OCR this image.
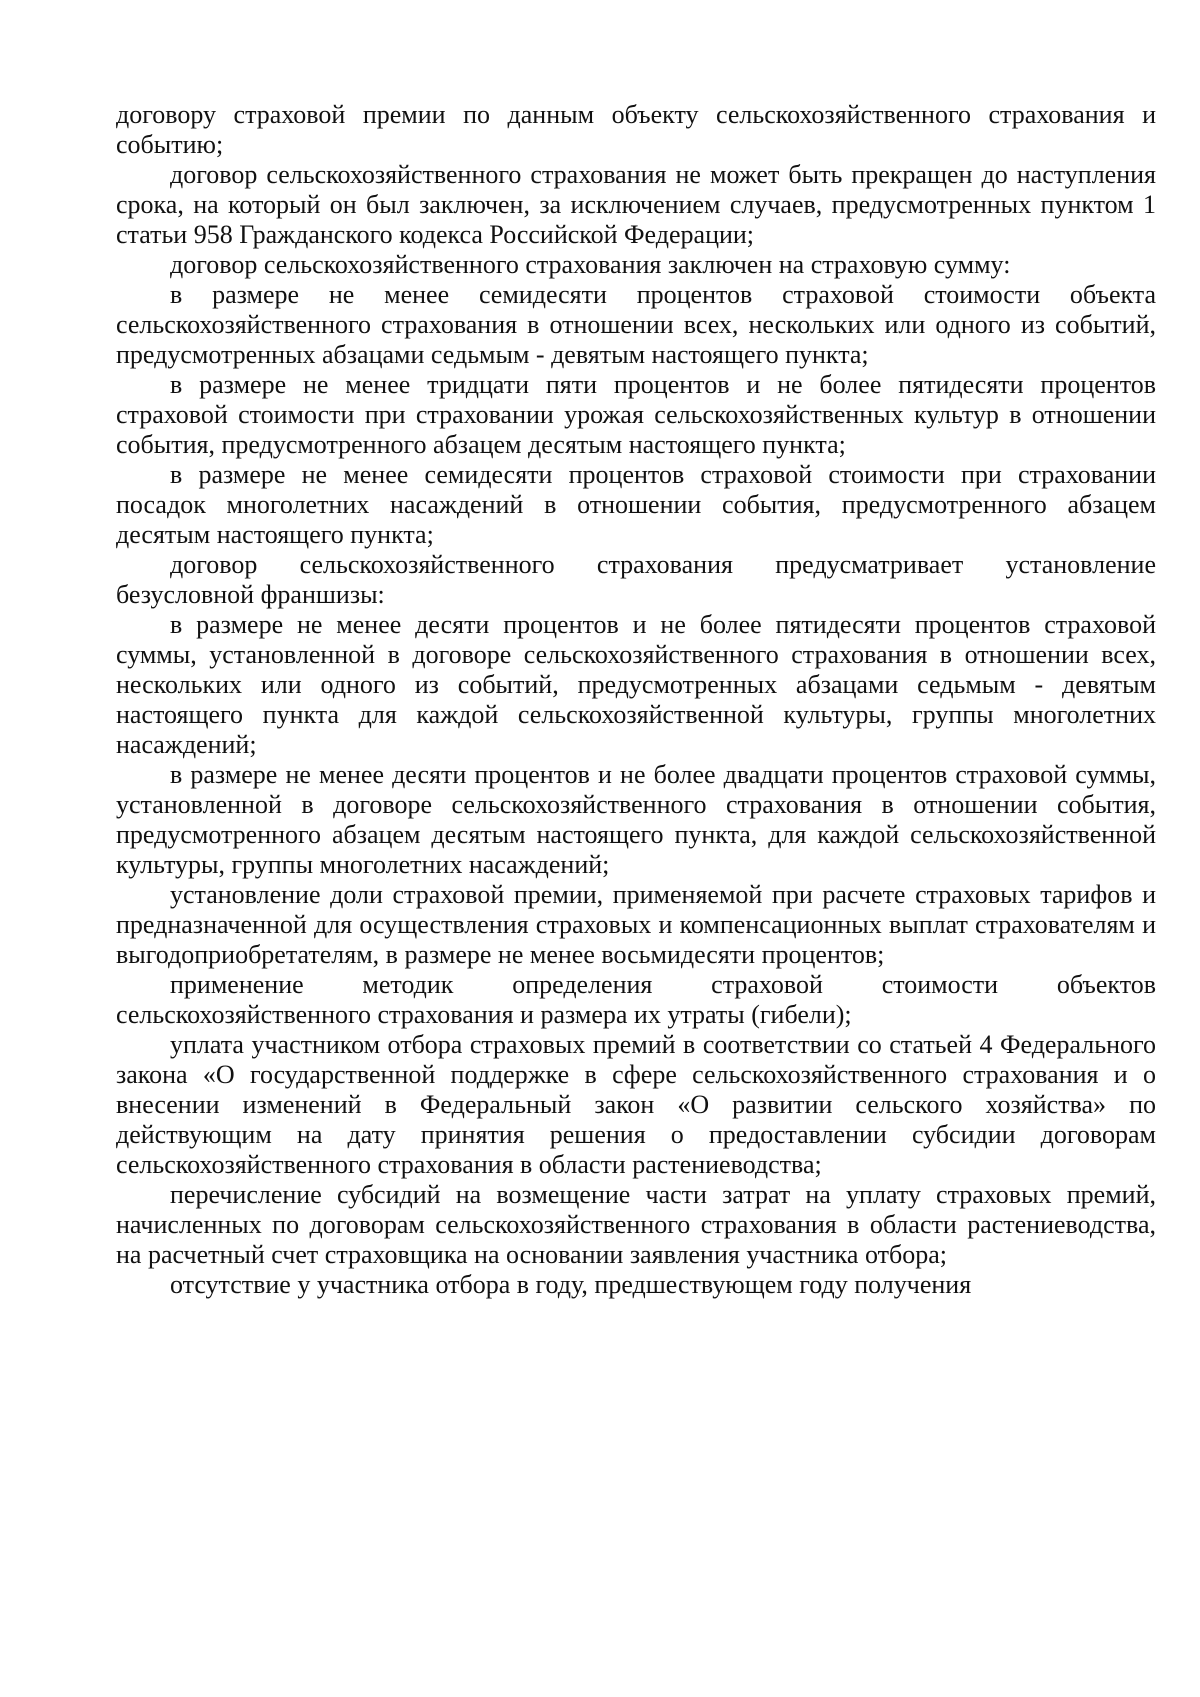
договору страховой премии по данным объекту сельскохозяйственного страхования и событию;

договор сельскохозяйственного страхования не может быть прекращен до наступления срока, на который он был заключен, за исключением случаев, предусмотренных пунктом 1 статьи 958 Гражданского кодекса Российской Федерации;

договор сельскохозяйственного страхования заключен на страховую сумму:

в размере не менее семидесяти процентов страховой стоимости объекта сельскохозяйственного страхования в отношении всех, нескольких или одного из событий, предусмотренных абзацами седьмым - девятым настоящего пункта;

в размере не менее тридцати пяти процентов и не более пятидесяти процентов страховой стоимости при страховании урожая сельскохозяйственных культур в отношении события, предусмотренного абзацем десятым настоящего пункта;

в размере не менее семидесяти процентов страховой стоимости при страховании посадок многолетних насаждений в отношении события, предусмотренного абзацем десятым настоящего пункта;

договор сельскохозяйственного страхования предусматривает установление безусловной франшизы:

в размере не менее десяти процентов и не более пятидесяти процентов страховой суммы, установленной в договоре сельскохозяйственного страхования в отношении всех, нескольких или одного из событий, предусмотренных абзацами седьмым - девятым настоящего пункта для каждой сельскохозяйственной культуры, группы многолетних насаждений;

в размере не менее десяти процентов и не более двадцати процентов страховой суммы, установленной в договоре сельскохозяйственного страхования в отношении события, предусмотренного абзацем десятым настоящего пункта, для каждой сельскохозяйственной культуры, группы многолетних насаждений;

установление доли страховой премии, применяемой при расчете страховых тарифов и предназначенной для осуществления страховых и компенсационных выплат страхователям и выгодоприобретателям, в размере не менее восьмидесяти процентов;

применение методик определения страховой стоимости объектов сельскохозяйственного страхования и размера их утраты (гибели);

уплата участником отбора страховых премий в соответствии со статьей 4 Федерального закона «О государственной поддержке в сфере сельскохозяйственного страхования и о внесении изменений в Федеральный закон «О развитии сельского хозяйства» по действующим на дату принятия решения о предоставлении субсидии договорам сельскохозяйственного страхования в области растениеводства;

перечисление субсидий на возмещение части затрат на уплату страховых премий, начисленных по договорам сельскохозяйственного страхования в области растениеводства, на расчетный счет страховщика на основании заявления участника отбора;

отсутствие у участника отбора в году, предшествующем году получения
